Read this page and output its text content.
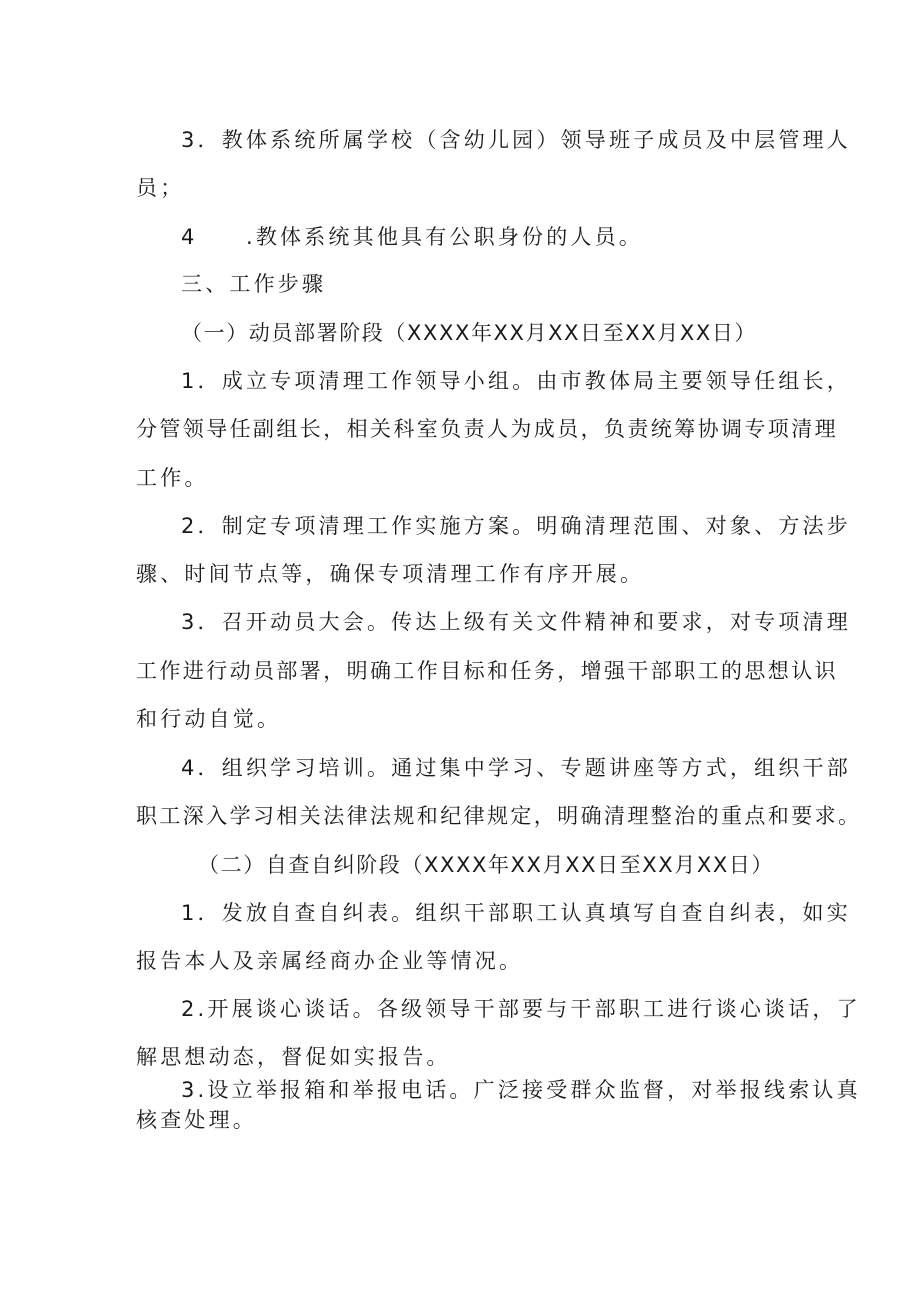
3．教体系统所属学校（含幼儿园）领导班子成员及中层管理人
员；
4　　.教体系统其他具有公职身份的人员。
三、工作步骤
（一）动员部署阶段（XXXX年XX月XX日至XX月XX日）
1．成立专项清理工作领导小组。由市教体局主要领导任组长，
分管领导任副组长，相关科室负责人为成员，负责统筹协调专项清理
工作。
2．制定专项清理工作实施方案。明确清理范围、对象、方法步
骤、时间节点等，确保专项清理工作有序开展。
3．召开动员大会。传达上级有关文件精神和要求，对专项清理
工作进行动员部署，明确工作目标和任务，增强干部职工的思想认识
和行动自觉。
4．组织学习培训。通过集中学习、专题讲座等方式，组织干部
职工深入学习相关法律法规和纪律规定，明确清理整治的重点和要求。
（二）自查自纠阶段（XXXX年XX月XX日至XX月XX日）
1．发放自查自纠表。组织干部职工认真填写自查自纠表，如实
报告本人及亲属经商办企业等情况。
2.开展谈心谈话。各级领导干部要与干部职工进行谈心谈话，了
解思想动态，督促如实报告。
3.设立举报箱和举报电话。广泛接受群众监督，对举报线索认真
核查处理。
